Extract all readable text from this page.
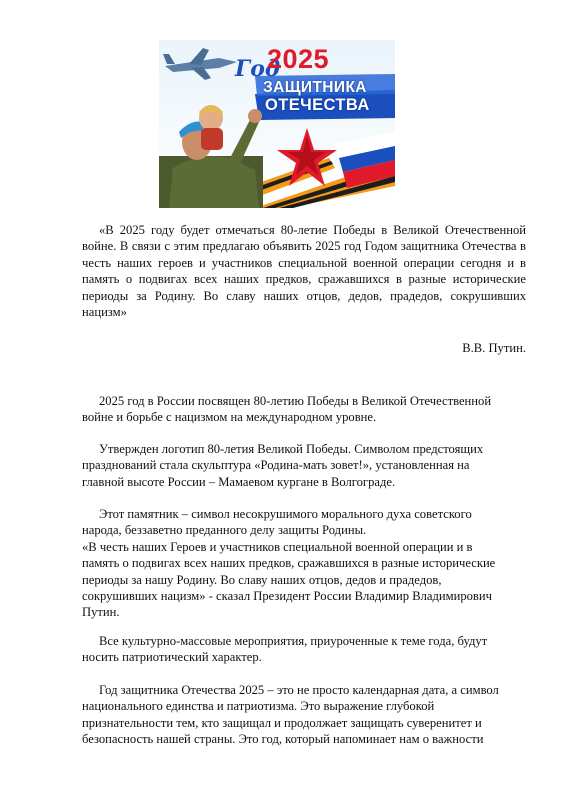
Год
2025
ЗАЩИТНИКА
ОТЕЧЕСТВА

«В 2025 году будет отмечаться 80-летие Победы в Великой Отечественной войне. В связи с этим предлагаю объявить 2025 год Годом защитника Отечества в честь наших героев и участников специальной военной операции сегодня и в память о подвигах всех наших предков, сражавшихся в разные исторические периоды за Родину. Во славу наших отцов, дедов, прадедов, сокрушивших нацизм»

В.В. Путин.

2025 год в России посвящен 80-летию Победы в Великой Отечественной
войне и борьбе с нацизмом на международном уровне.

Утвержден логотип 80-летия Великой Победы. Символом предстоящих
празднований стала скульптура «Родина-мать зовет!», установленная на
главной высоте России – Мамаевом кургане в Волгограде.

Этот памятник – символ несокрушимого морального духа советского
народа, беззаветно преданного делу защиты Родины.
«В честь наших Героев и участников специальной военной операции и в
память о подвигах всех наших предков, сражавшихся в разные исторические
периоды за нашу Родину. Во славу наших отцов, дедов и прадедов,
сокрушивших нацизм» - сказал Президент России Владимир Владимирович
Путин.

Все культурно-массовые мероприятия, приуроченные к теме года, будут
носить патриотический характер.

Год защитника Отечества 2025 – это не просто календарная дата, а символ
национального единства и патриотизма. Это выражение глубокой
признательности тем, кто защищал и продолжает защищать суверенитет и
безопасность нашей страны. Это год, который напоминает нам о важности
